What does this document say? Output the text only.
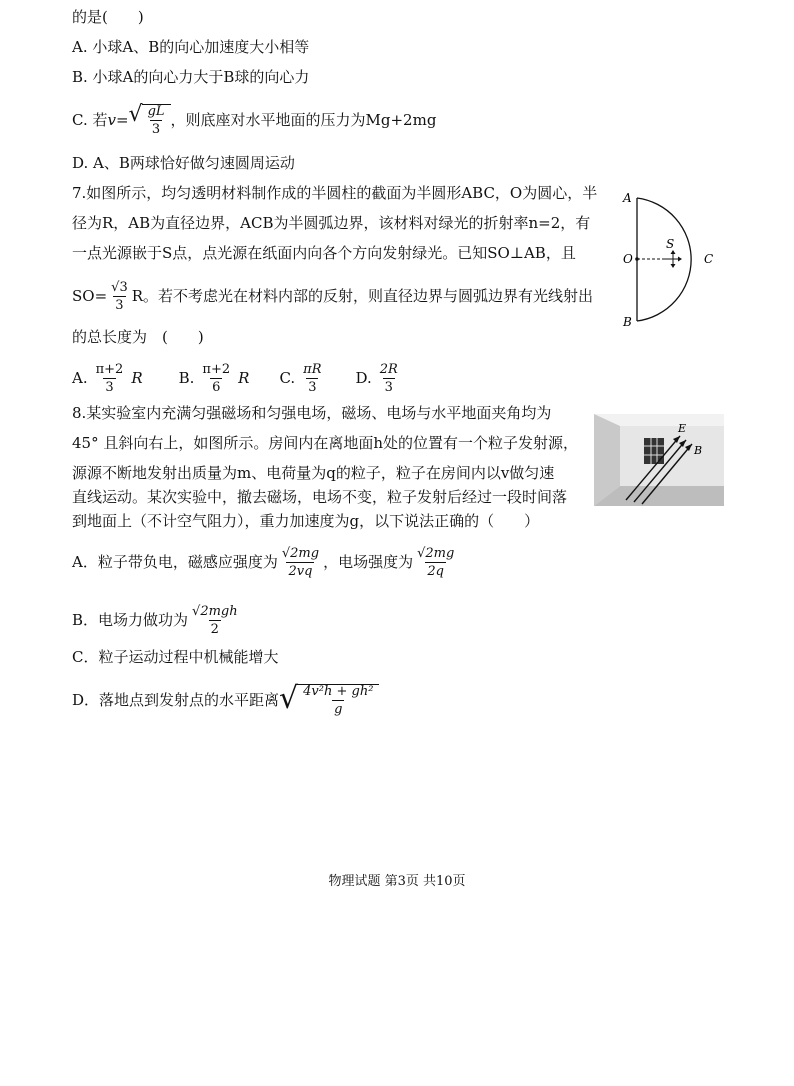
的是(　　)
A. 小球A、B的向心加速度大小相等
B. 小球A的向心力大于B球的向心力
C. 若 v= √ $\frac{gL}{3}$ ，则底座对水平地面的压力为Mg+2mg
D. A、B两球恰好做匀速圆周运动
7.如图所示，均匀透明材料制作成的半圆柱的截面为半圆形ABC，O为圆心，半
径为R，AB为直径边界，ACB为半圆弧边界，该材料对绿光的折射率n=2，有
一点光源嵌于S点，点光源在纸面内向各个方向发射绿光。已知SO⊥AB，且
$SO= \frac{√3}{3}$ R。若不考虑光在材料内部的反射，则直径边界与圆弧边界有光线射出
的总长度为　(　　)
A. $\frac{\pi+2}{3}$ R B. $\frac{\pi+2}{6}$ R C. $\frac{\pi R}{3} D$. $\frac{2R}{3}$
A
B
C
O
S
8.某实验室内充满匀强磁场和匀强电场，磁场、电场与水平地面夹角均为
45° 且斜向右上，如图所示。房间内在离地面h处的位置有一个粒子发射源，
源源不断地发射出质量为m、电荷量为q的粒子，粒子在房间内以v做匀速
直线运动。某次实验中，撤去磁场，电场不变，粒子发射后经过一段时间落
到地面上（不计空气阻力），重力加速度为g，以下说法正确的（　　）
A．粒子带负电，磁感应强度为 $\frac{√2mg}{2vq}$ ，电场强度为 $\frac{√2mg}{2q}$
B．电场力做功为 $\frac{\text{√2mgh}}{2}$
C．粒子运动过程中机械能增大
D．落地点到发射点的水平距离 √ $\frac{\text{4v²h + gh²}}{g}$
E
B
物理试题 第3页 共10页
